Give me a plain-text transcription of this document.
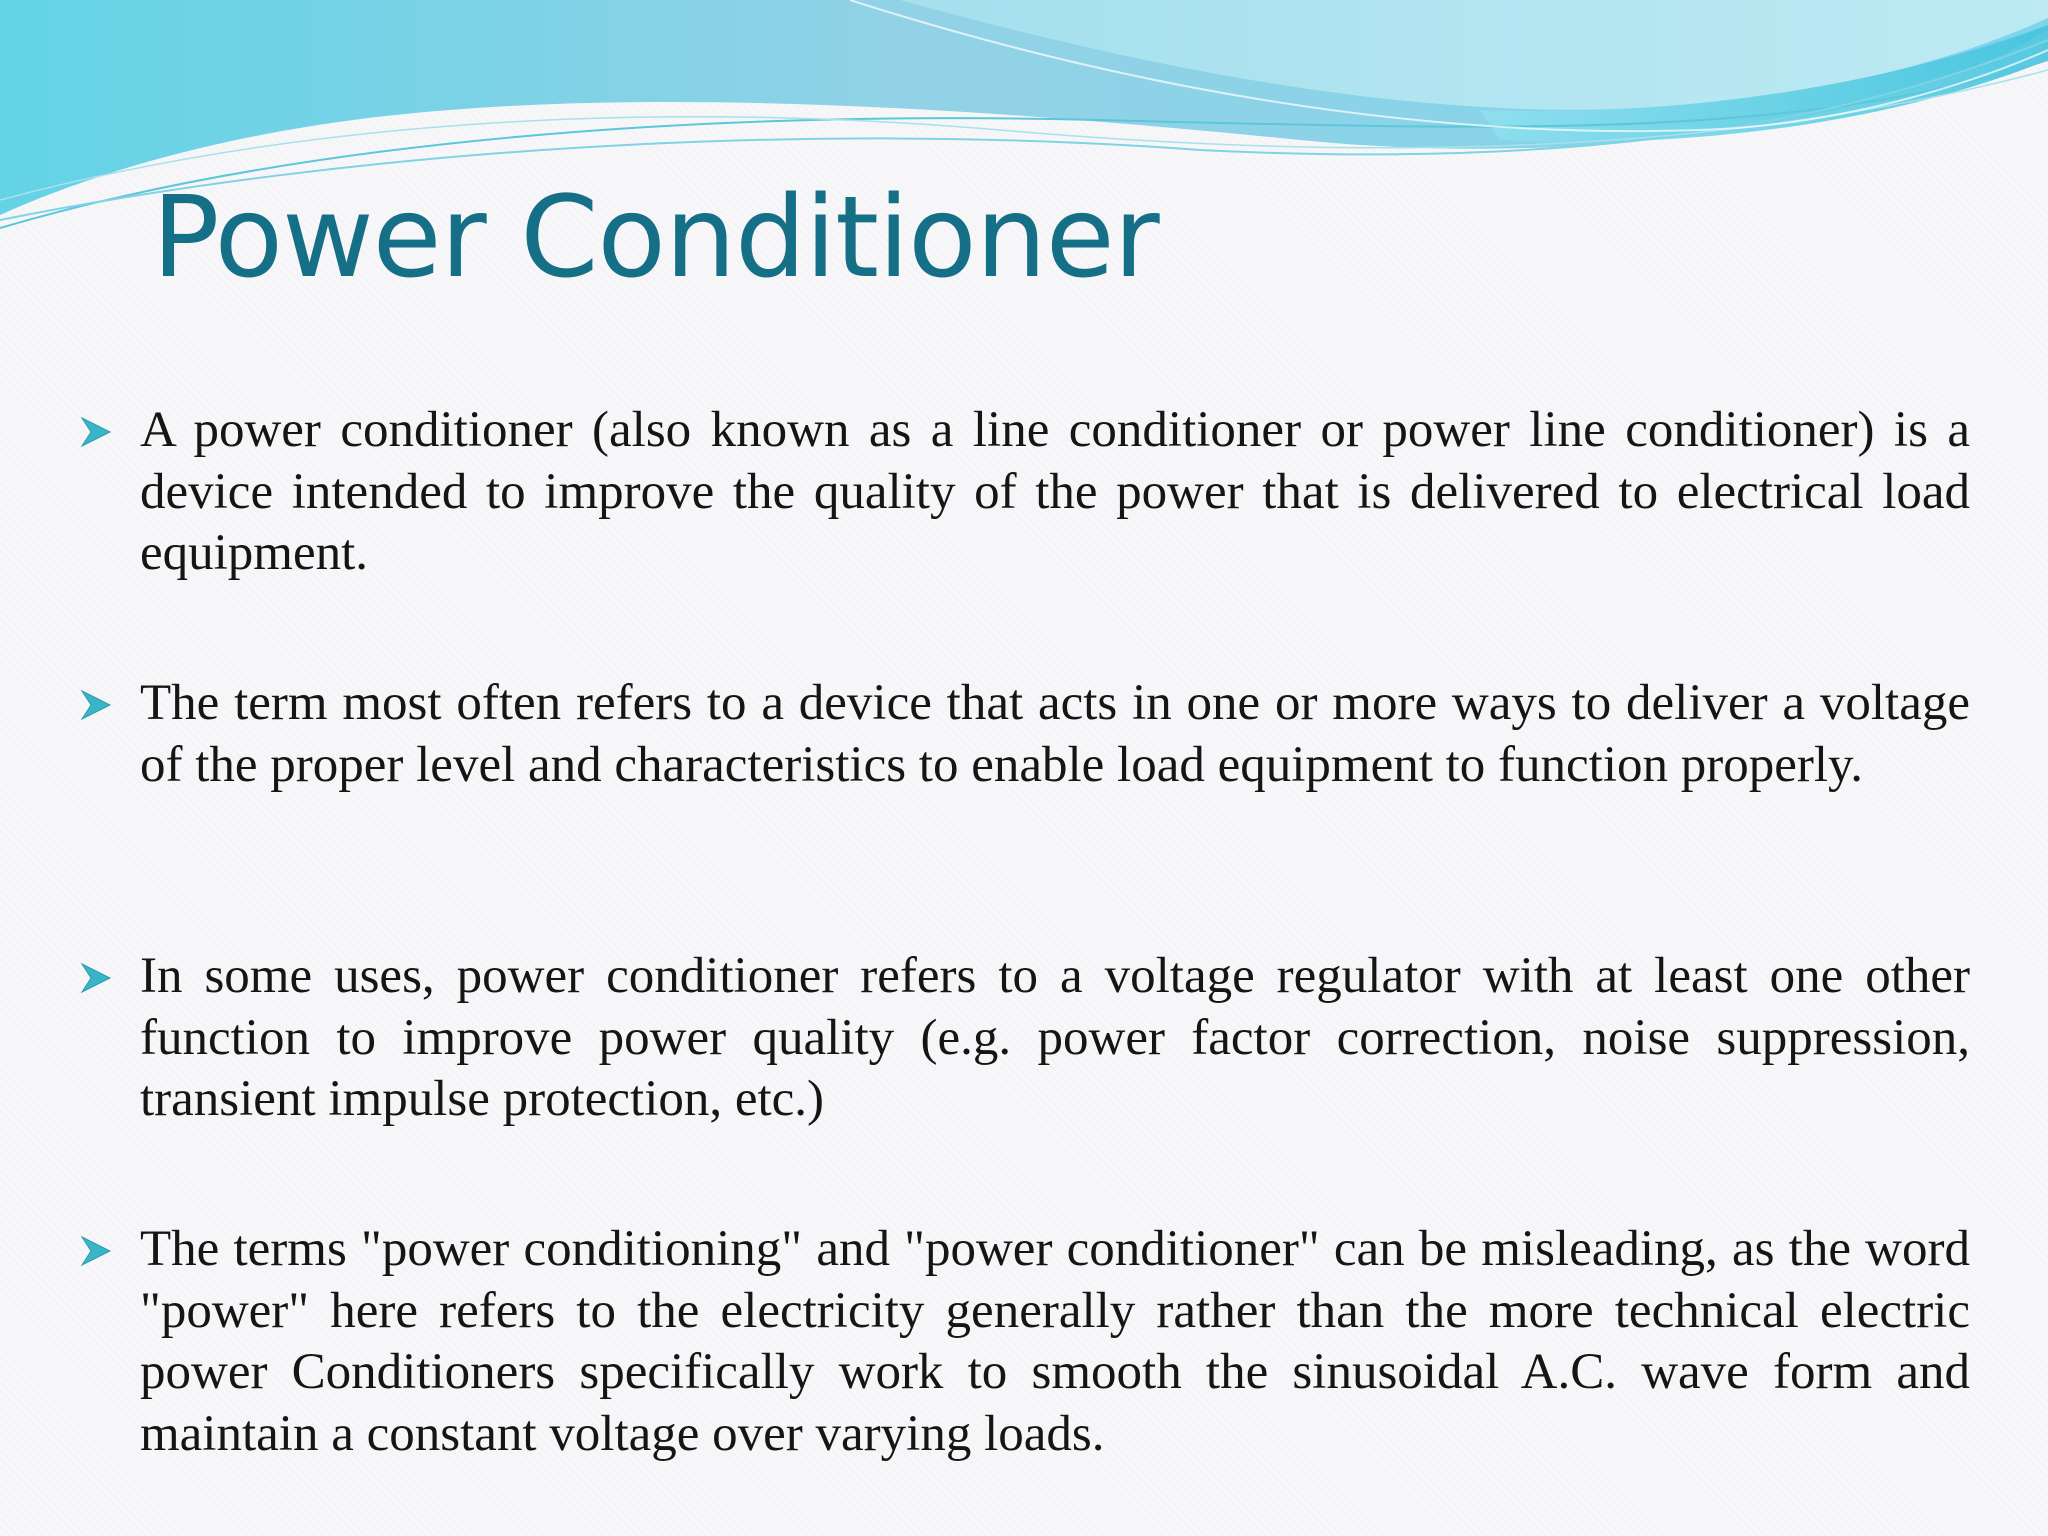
Power Conditioner

A power conditioner (also known as a line conditioner or power line conditioner) is a device intended to improve the quality of the power that is delivered to electrical load equipment.

The term most often refers to a device that acts in one or more ways to deliver a voltage of the proper level and characteristics to enable load equipment to function properly.

In some uses, power conditioner refers to a voltage regulator with at least one other function to improve power quality (e.g. power factor correction, noise suppression, transient impulse protection, etc.)

The terms "power conditioning" and "power conditioner" can be misleading, as the word "power" here refers to the electricity generally rather than the more technical electric power Conditioners specifically work to smooth the sinusoidal A.C. wave form and maintain a constant voltage over varying loads.
